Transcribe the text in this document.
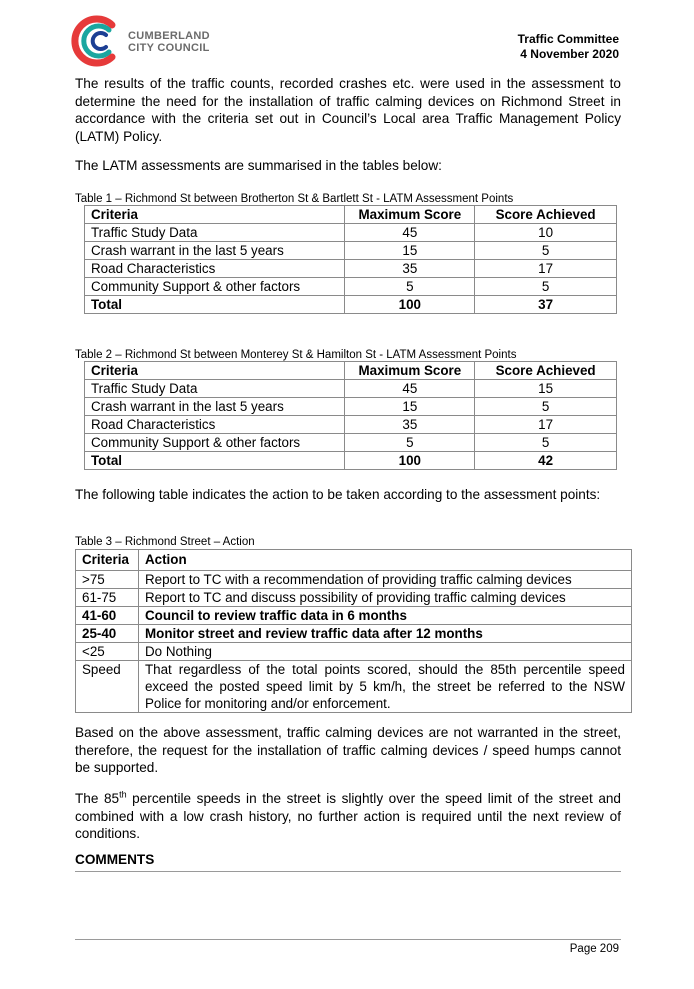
CUMBERLAND
CITY COUNCIL
Traffic Committee
4 November 2020

The results of the traffic counts, recorded crashes etc. were used in the assessment to determine the need for the installation of traffic calming devices on Richmond Street in accordance with the criteria set out in Council’s Local area Traffic Management Policy (LATM) Policy.

The LATM assessments are summarised in the tables below:

Table 1 – Richmond St between Brotherton St & Bartlett St - LATM Assessment Points
Criteria	Maximum Score	Score Achieved
Traffic Study Data	45	10
Crash warrant in the last 5 years	15	5
Road Characteristics	35	17
Community Support & other factors	5	5
Total	100	37
Table 2 – Richmond St between Monterey St & Hamilton St - LATM Assessment Points
Criteria	Maximum Score	Score Achieved
Traffic Study Data	45	15
Crash warrant in the last 5 years	15	5
Road Characteristics	35	17
Community Support & other factors	5	5
Total	100	42

The following table indicates the action to be taken according to the assessment points:

Table 3 – Richmond Street – Action
Criteria	Action
>75	Report to TC with a recommendation of providing traffic calming devices
61-75	Report to TC and discuss possibility of providing traffic calming devices
41-60	Council to review traffic data in 6 months
25-40	Monitor street and review traffic data after 12 months
<25	Do Nothing
Speed	That regardless of the total points scored, should the 85th percentile speed exceed the posted speed limit by 5 km/h, the street be referred to the NSW Police for monitoring and/or enforcement.

Based on the above assessment, traffic calming devices are not warranted in the street, therefore, the request for the installation of traffic calming devices / speed humps cannot be supported.

The 85th percentile speeds in the street is slightly over the speed limit of the street and combined with a low crash history, no further action is required until the next review of conditions.

COMMENTS
Page 209
